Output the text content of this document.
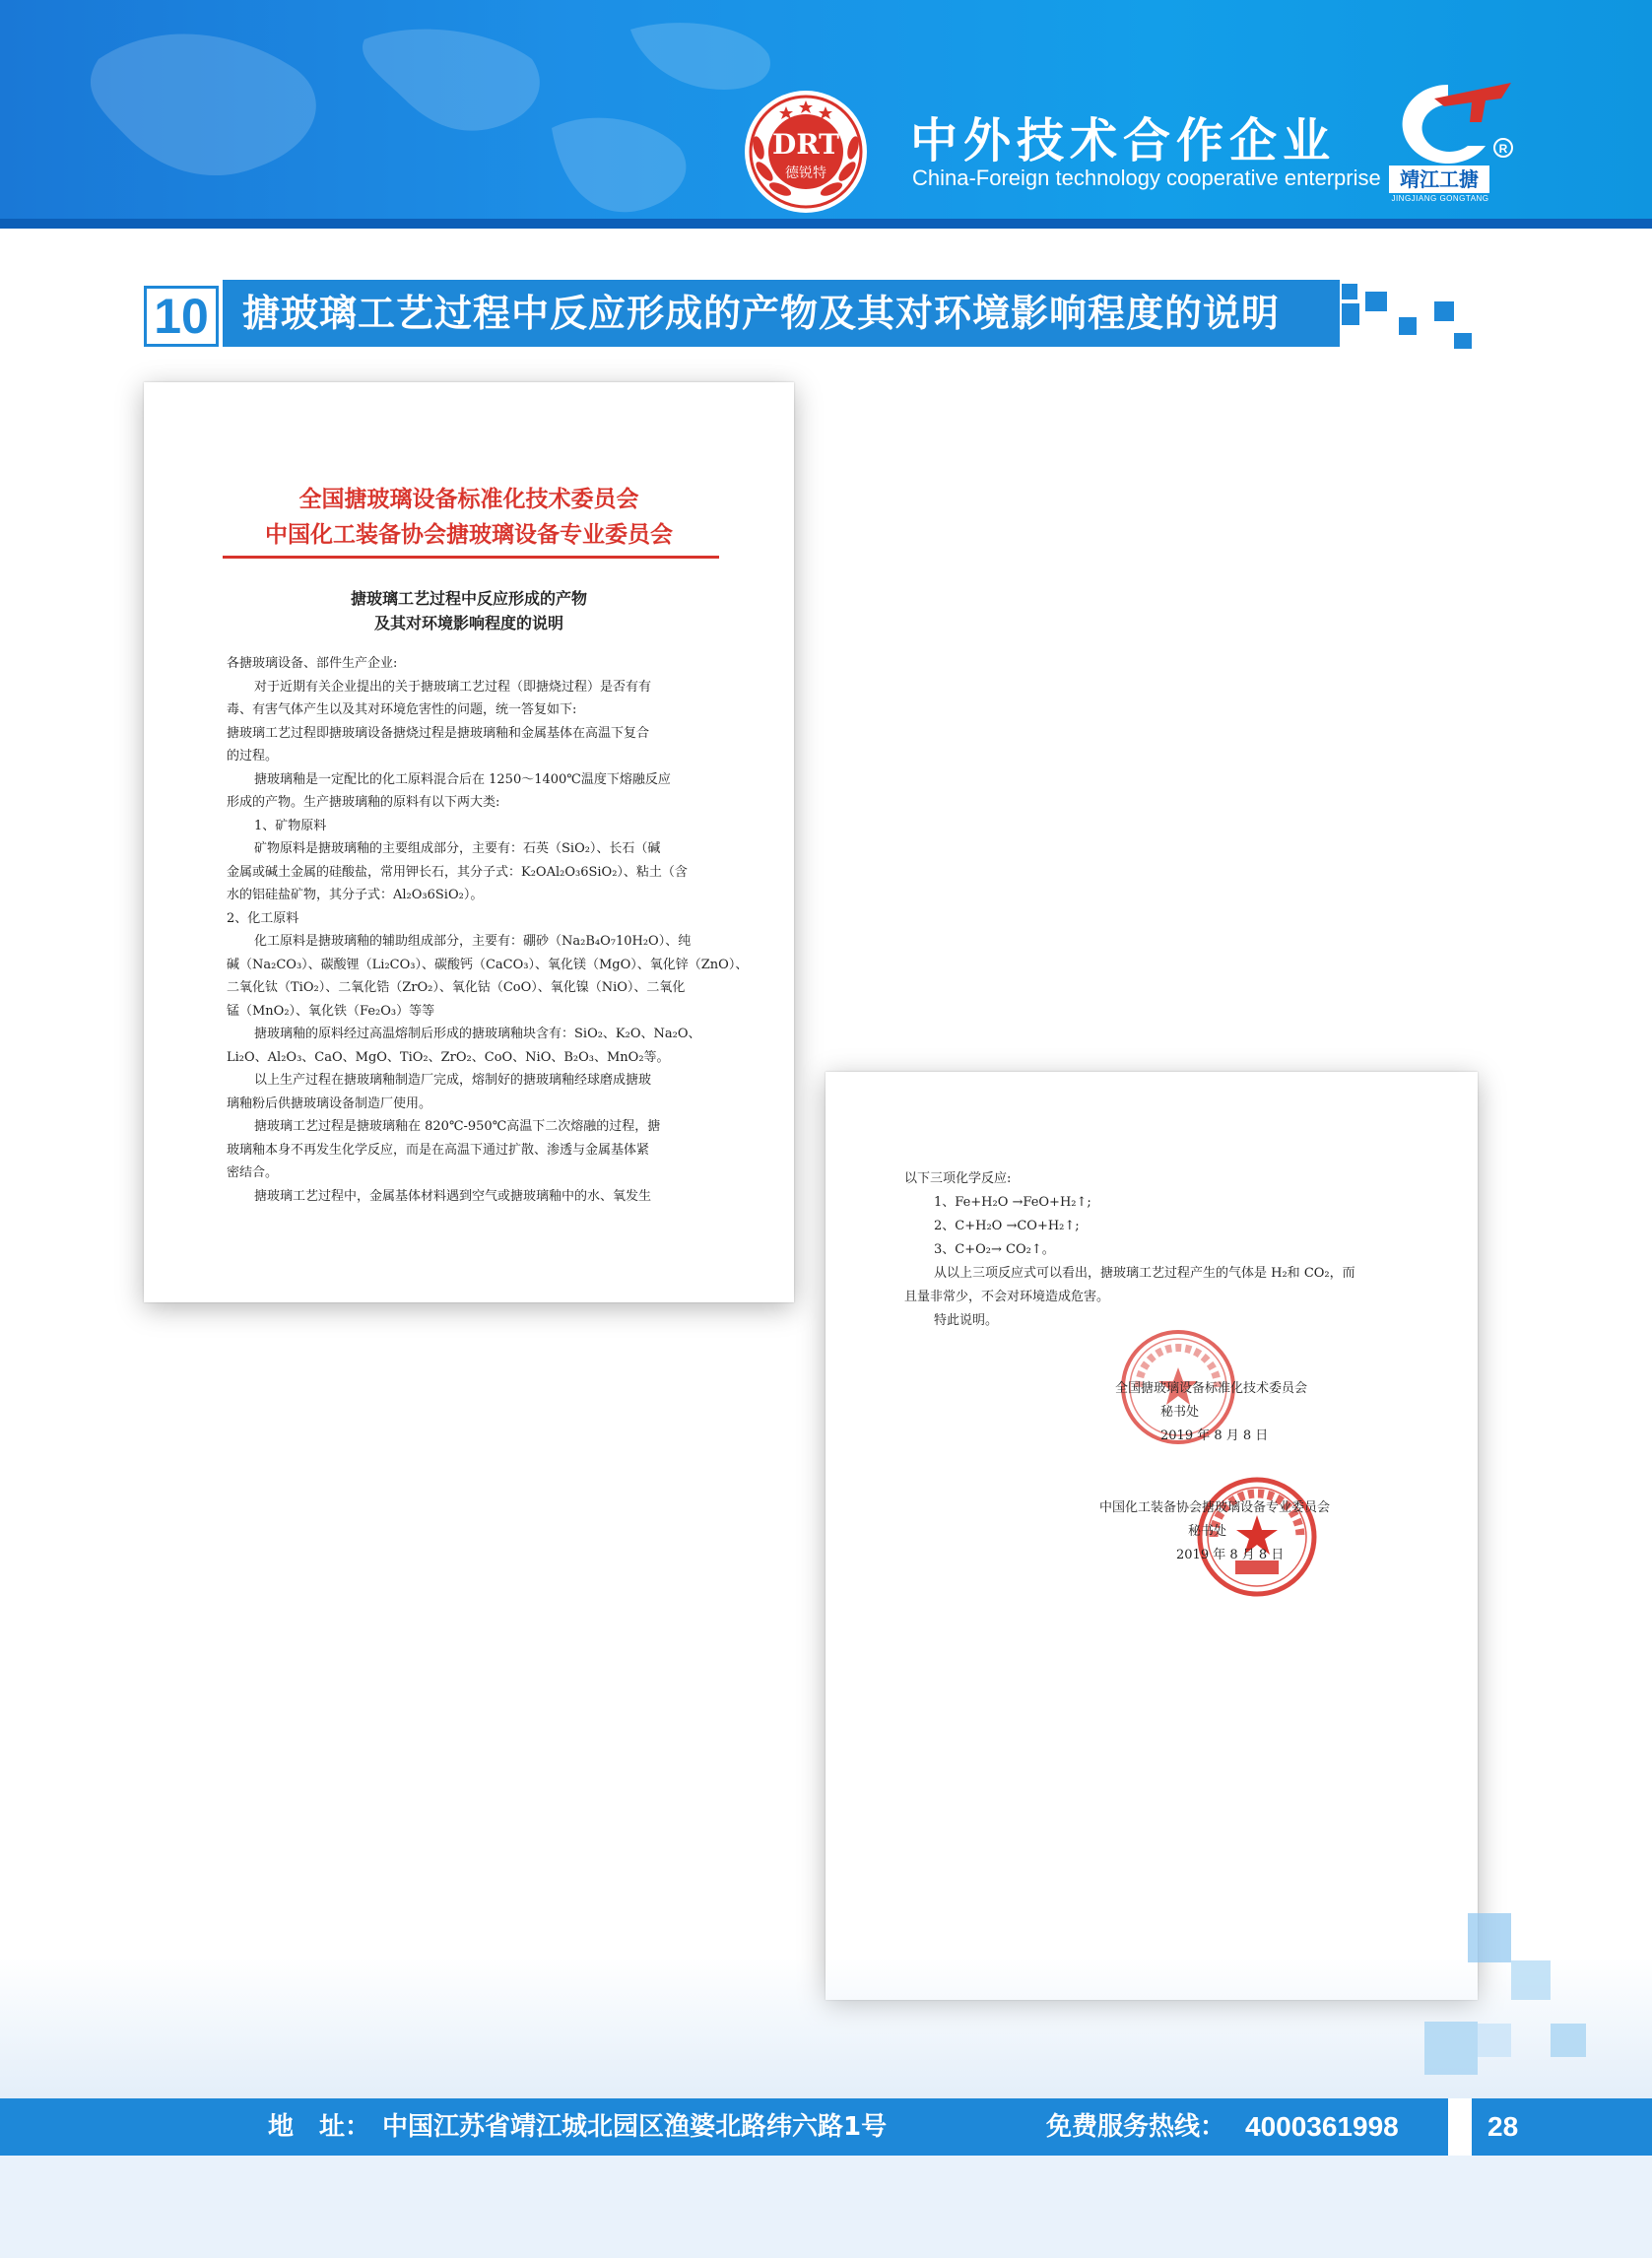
DRT
德锐特
中外技术合作企业
China-Foreign technology cooperative enterprise
R
靖江工搪
JINGJIANG GONGTANG
10 搪玻璃工艺过程中反应形成的产物及其对环境影响程度的说明
全国搪玻璃设备标准化技术委员会
中国化工装备协会搪玻璃设备专业委员会
搪玻璃工艺过程中反应形成的产物
及其对环境影响程度的说明
各搪玻璃设备、部件生产企业:
对于近期有关企业提出的关于搪玻璃工艺过程（即搪烧过程）是否有有
毒、有害气体产生以及其对环境危害性的问题，统一答复如下:
搪玻璃工艺过程即搪玻璃设备搪烧过程是搪玻璃釉和金属基体在高温下复合
的过程。
搪玻璃釉是一定配比的化工原料混合后在 1250～1400℃温度下熔融反应
形成的产物。生产搪玻璃釉的原料有以下两大类:
1、矿物原料
矿物原料是搪玻璃釉的主要组成部分，主要有：石英（SiO₂）、长石（碱
金属或碱土金属的硅酸盐，常用钾长石，其分子式：K₂OAl₂O₃6SiO₂）、粘土（含
水的铝硅盐矿物，其分子式：Al₂O₃6SiO₂）。
2、化工原料
化工原料是搪玻璃釉的辅助组成部分，主要有：硼砂（Na₂B₄O₇10H₂O）、纯
碱（Na₂CO₃）、碳酸锂（Li₂CO₃）、碳酸钙（CaCO₃）、氧化镁（MgO）、氧化锌（ZnO）、
二氧化钛（TiO₂）、二氧化锆（ZrO₂）、氧化钴（CoO）、氧化镍（NiO）、二氧化
锰（MnO₂）、氧化铁（Fe₂O₃）等等
搪玻璃釉的原料经过高温熔制后形成的搪玻璃釉块含有：SiO₂、K₂O、Na₂O、
Li₂O、Al₂O₃、CaO、MgO、TiO₂、ZrO₂、CoO、NiO、B₂O₃、MnO₂等。
以上生产过程在搪玻璃釉制造厂完成，熔制好的搪玻璃釉经球磨成搪玻
璃釉粉后供搪玻璃设备制造厂使用。
搪玻璃工艺过程是搪玻璃釉在 820℃-950℃高温下二次熔融的过程，搪
玻璃釉本身不再发生化学反应，而是在高温下通过扩散、渗透与金属基体紧
密结合。
搪玻璃工艺过程中，金属基体材料遇到空气或搪玻璃釉中的水、氧发生
以下三项化学反应:
1、Fe+H₂O →FeO+H₂↑;
2、C+H₂O →CO+H₂↑;
3、C+O₂→ CO₂↑。
从以上三项反应式可以看出，搪玻璃工艺过程产生的气体是 H₂和 CO₂，而
且量非常少，不会对环境造成危害。
特此说明。
全国搪玻璃设备标准化技术委员会
秘书处
2019 年 8 月 8 日
中国化工装备协会搪玻璃设备专业委员会
秘书处
2019 年 8 月 8 日
地　址： 中国江苏省靖江城北园区渔婆北路纬六路1号	免费服务热线： 4000361998	28
